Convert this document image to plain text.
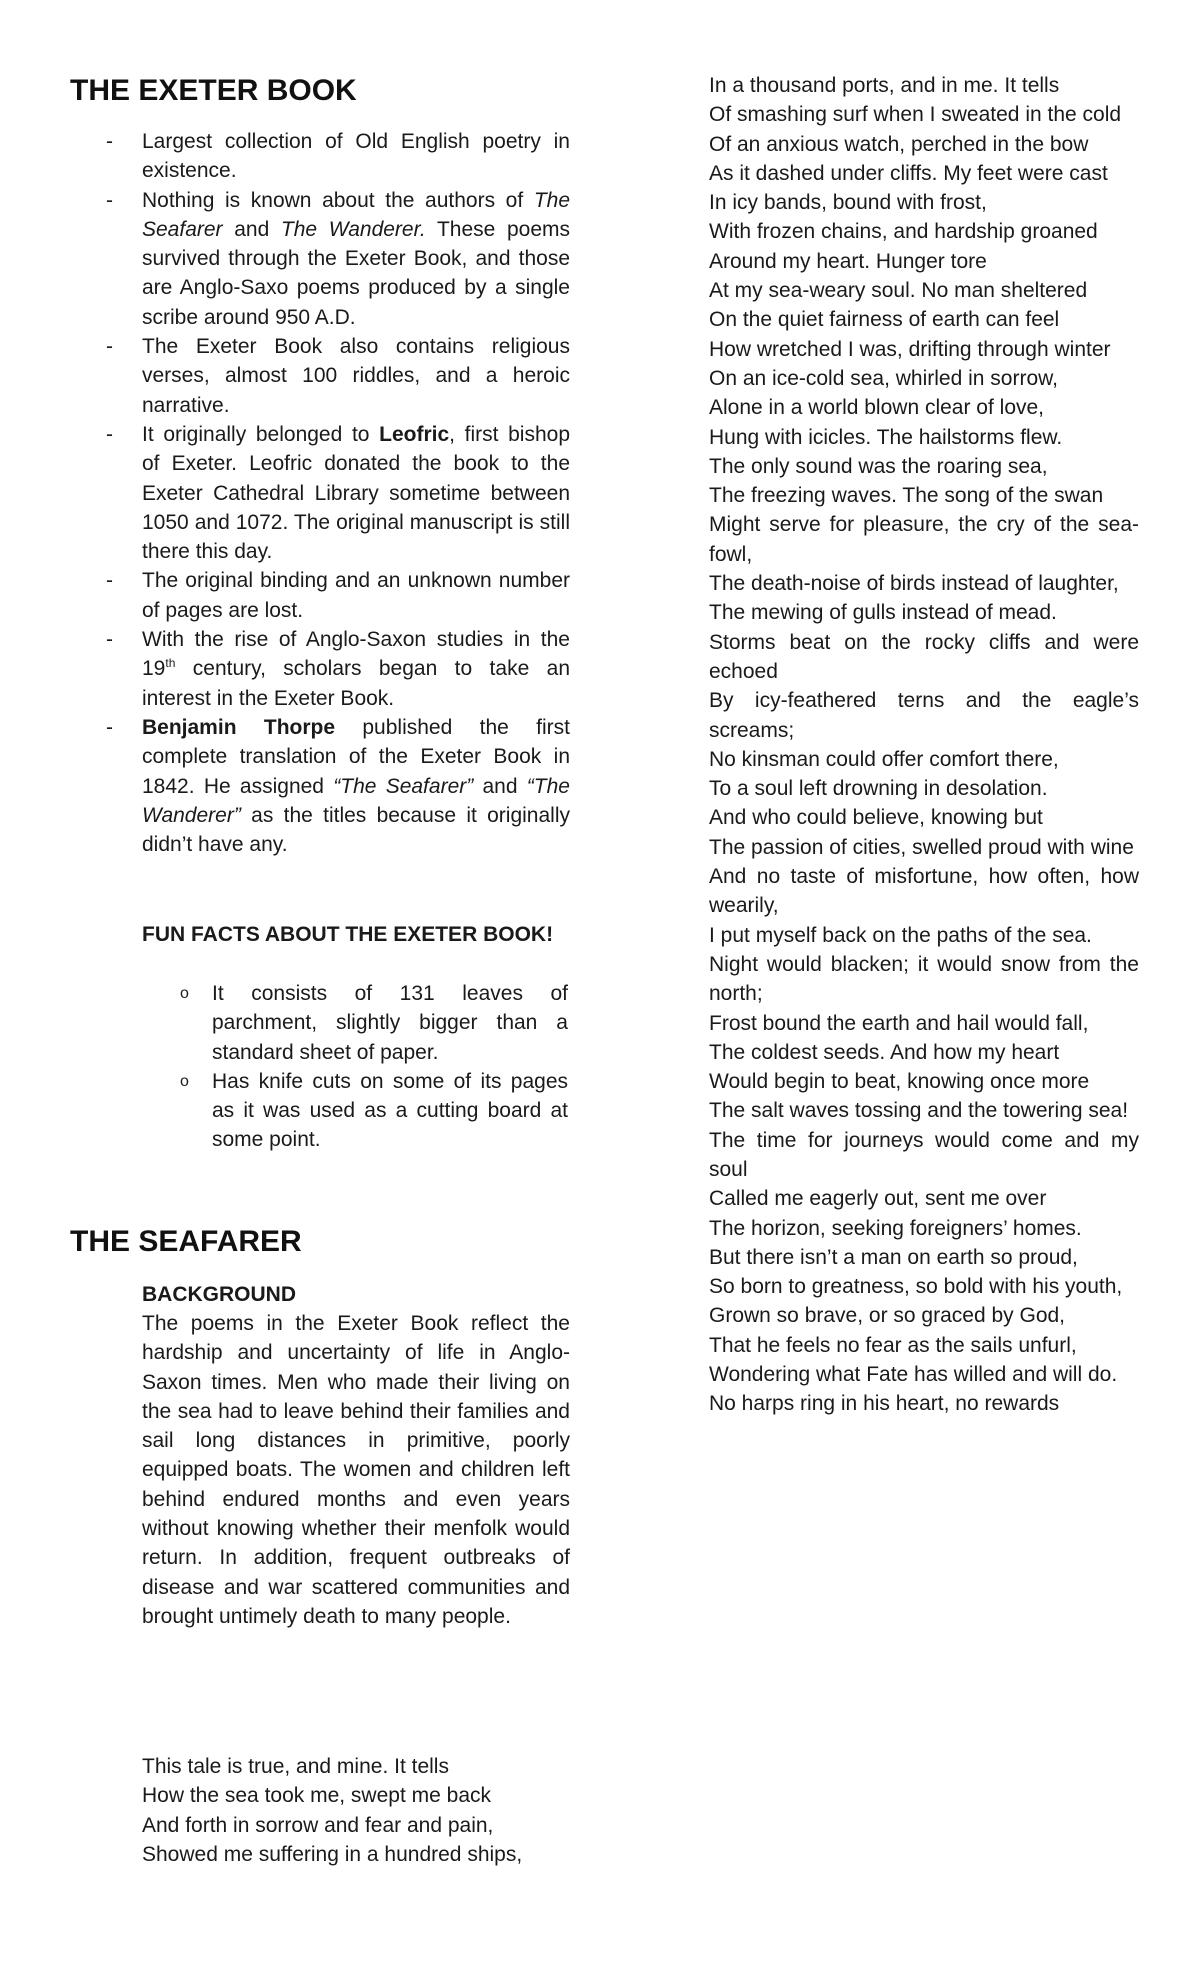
THE EXETER BOOK
- Largest collection of Old English poetry in existence.
- Nothing is known about the authors of The Seafarer and The Wanderer. These poems survived through the Exeter Book, and those are Anglo-Saxo poems produced by a single scribe around 950 A.D.
- The Exeter Book also contains religious verses, almost 100 riddles, and a heroic narrative.
- It originally belonged to Leofric, first bishop of Exeter. Leofric donated the book to the Exeter Cathedral Library sometime between 1050 and 1072. The original manuscript is still there this day.
- The original binding and an unknown number of pages are lost.
- With the rise of Anglo-Saxon studies in the 19th century, scholars began to take an interest in the Exeter Book.
- Benjamin Thorpe published the first complete translation of the Exeter Book in 1842. He assigned “The Seafarer” and “The Wanderer” as the titles because it originally didn’t have any.
FUN FACTS ABOUT THE EXETER BOOK!
o It consists of 131 leaves of parchment, slightly bigger than a standard sheet of paper.
o Has knife cuts on some of its pages as it was used as a cutting board at some point.
THE SEAFARER
BACKGROUND
The poems in the Exeter Book reflect the hardship and uncertainty of life in Anglo-Saxon times. Men who made their living on the sea had to leave behind their families and sail long distances in primitive, poorly equipped boats. The women and children left behind endured months and even years without knowing whether their menfolk would return. In addition, frequent outbreaks of disease and war scattered communities and brought untimely death to many people.
This tale is true, and mine. It tells
How the sea took me, swept me back
And forth in sorrow and fear and pain,
Showed me suffering in a hundred ships,
In a thousand ports, and in me. It tells
Of smashing surf when I sweated in the cold
Of an anxious watch, perched in the bow
As it dashed under cliffs. My feet were cast
In icy bands, bound with frost,
With frozen chains, and hardship groaned
Around my heart. Hunger tore
At my sea-weary soul. No man sheltered
On the quiet fairness of earth can feel
How wretched I was, drifting through winter
On an ice-cold sea, whirled in sorrow,
Alone in a world blown clear of love,
Hung with icicles. The hailstorms flew.
The only sound was the roaring sea,
The freezing waves. The song of the swan
Might serve for pleasure, the cry of the sea-fowl,
The death-noise of birds instead of laughter,
The mewing of gulls instead of mead.
Storms beat on the rocky cliffs and were echoed
By icy-feathered terns and the eagle’s screams;
No kinsman could offer comfort there,
To a soul left drowning in desolation.
And who could believe, knowing but
The passion of cities, swelled proud with wine
And no taste of misfortune, how often, how wearily,
I put myself back on the paths of the sea.
Night would blacken; it would snow from the north;
Frost bound the earth and hail would fall,
The coldest seeds. And how my heart
Would begin to beat, knowing once more
The salt waves tossing and the towering sea!
The time for journeys would come and my soul
Called me eagerly out, sent me over
The horizon, seeking foreigners’ homes.
But there isn’t a man on earth so proud,
So born to greatness, so bold with his youth,
Grown so brave, or so graced by God,
That he feels no fear as the sails unfurl,
Wondering what Fate has willed and will do.
No harps ring in his heart, no rewards
